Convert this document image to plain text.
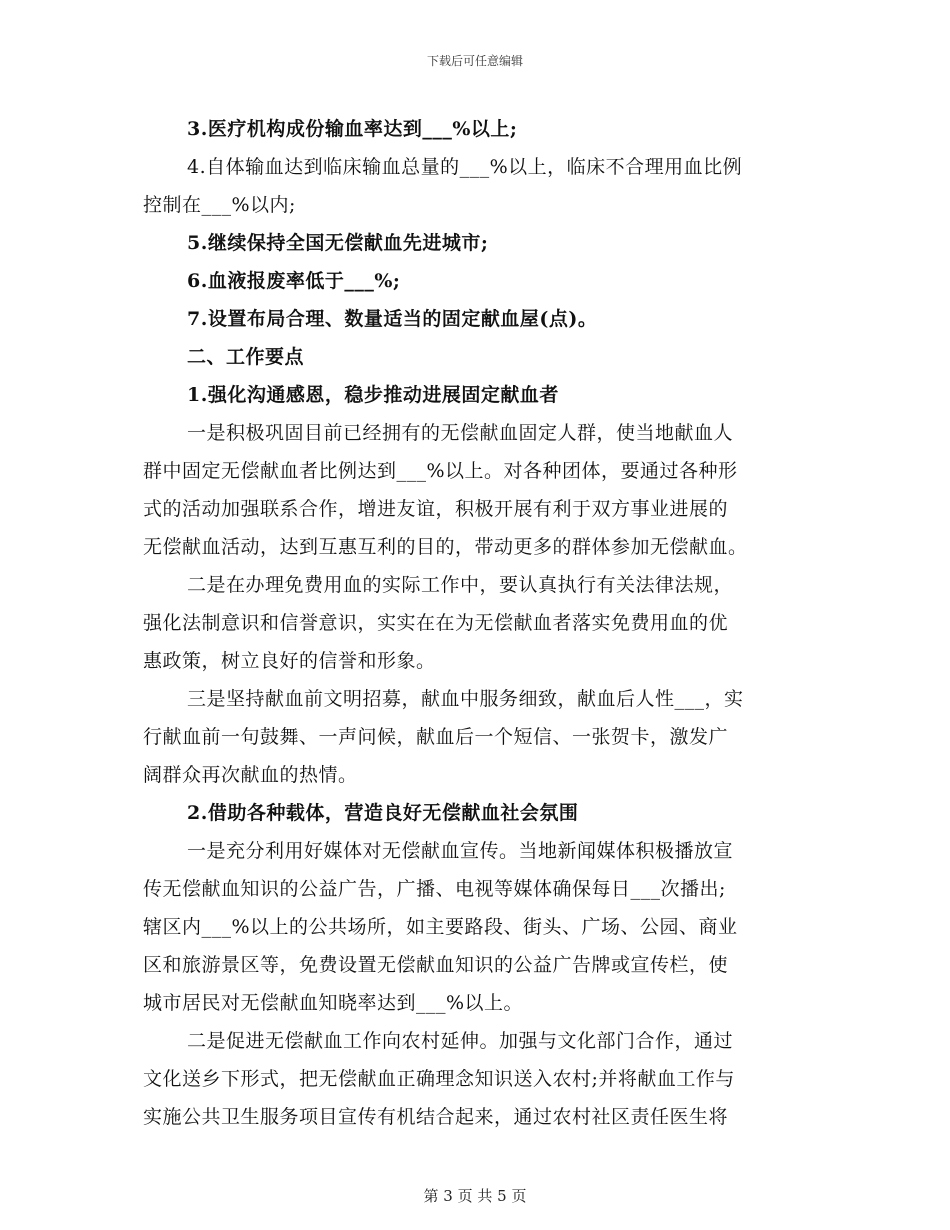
下载后可任意编辑
3.医疗机构成份输血率达到___%以上;
4.自体输血达到临床输血总量的___%以上，临床不合理用血比例
控制在___%以内;
5.继续保持全国无偿献血先进城市;
6.血液报废率低于___%;
7.设置布局合理、数量适当的固定献血屋(点)。
二、工作要点
1.强化沟通感恩，稳步推动进展固定献血者
一是积极巩固目前已经拥有的无偿献血固定人群，使当地献血人
群中固定无偿献血者比例达到___%以上。对各种团体，要通过各种形
式的活动加强联系合作，增进友谊，积极开展有利于双方事业进展的
无偿献血活动，达到互惠互利的目的，带动更多的群体参加无偿献血。
二是在办理免费用血的实际工作中，要认真执行有关法律法规，
强化法制意识和信誉意识，实实在在为无偿献血者落实免费用血的优
惠政策，树立良好的信誉和形象。
三是坚持献血前文明招募，献血中服务细致，献血后人性___，实
行献血前一句鼓舞、一声问候，献血后一个短信、一张贺卡，激发广
阔群众再次献血的热情。
2.借助各种载体，营造良好无偿献血社会氛围
一是充分利用好媒体对无偿献血宣传。当地新闻媒体积极播放宣
传无偿献血知识的公益广告，广播、电视等媒体确保每日___次播出;
辖区内___%以上的公共场所，如主要路段、街头、广场、公园、商业
区和旅游景区等，免费设置无偿献血知识的公益广告牌或宣传栏，使
城市居民对无偿献血知晓率达到___%以上。
二是促进无偿献血工作向农村延伸。加强与文化部门合作，通过
文化送乡下形式，把无偿献血正确理念知识送入农村;并将献血工作与
实施公共卫生服务项目宣传有机结合起来，通过农村社区责任医生将
第 3 页 共 5 页
